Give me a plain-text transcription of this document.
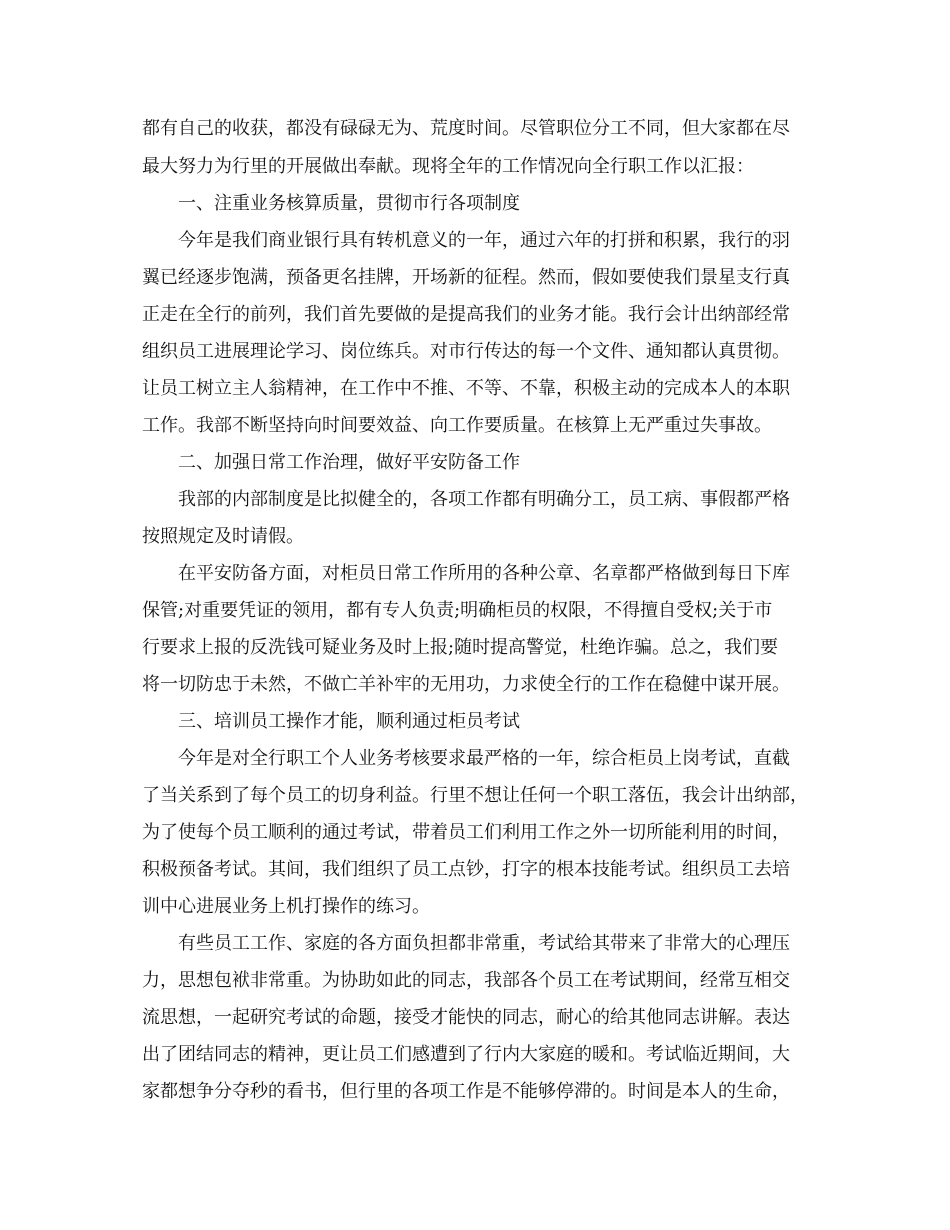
都有自己的收获，都没有碌碌无为、荒度时间。尽管职位分工不同，但大家都在尽
最大努力为行里的开展做出奉献。现将全年的工作情况向全行职工作以汇报：
一、注重业务核算质量，贯彻市行各项制度
今年是我们商业银行具有转机意义的一年，通过六年的打拼和积累，我行的羽
翼已经逐步饱满，预备更名挂牌，开场新的征程。然而，假如要使我们景星支行真
正走在全行的前列，我们首先要做的是提高我们的业务才能。我行会计出纳部经常
组织员工进展理论学习、岗位练兵。对市行传达的每一个文件、通知都认真贯彻。
让员工树立主人翁精神，在工作中不推、不等、不靠，积极主动的完成本人的本职
工作。我部不断坚持向时间要效益、向工作要质量。在核算上无严重过失事故。
二、加强日常工作治理，做好平安防备工作
我部的内部制度是比拟健全的，各项工作都有明确分工，员工病、事假都严格
按照规定及时请假。
在平安防备方面，对柜员日常工作所用的各种公章、名章都严格做到每日下库
保管;对重要凭证的领用，都有专人负责;明确柜员的权限，不得擅自受权;关于市
行要求上报的反洗钱可疑业务及时上报;随时提高警觉，杜绝诈骗。总之，我们要
将一切防忠于未然，不做亡羊补牢的无用功，力求使全行的工作在稳健中谋开展。
三、培训员工操作才能，顺利通过柜员考试
今年是对全行职工个人业务考核要求最严格的一年，综合柜员上岗考试，直截
了当关系到了每个员工的切身利益。行里不想让任何一个职工落伍，我会计出纳部，
为了使每个员工顺利的通过考试，带着员工们利用工作之外一切所能利用的时间，
积极预备考试。其间，我们组织了员工点钞，打字的根本技能考试。组织员工去培
训中心进展业务上机打操作的练习。
有些员工工作、家庭的各方面负担都非常重，考试给其带来了非常大的心理压
力，思想包袱非常重。为协助如此的同志，我部各个员工在考试期间，经常互相交
流思想，一起研究考试的命题，接受才能快的同志，耐心的给其他同志讲解。表达
出了团结同志的精神，更让员工们感遭到了行内大家庭的暖和。考试临近期间，大
家都想争分夺秒的看书，但行里的各项工作是不能够停滞的。时间是本人的生命，
